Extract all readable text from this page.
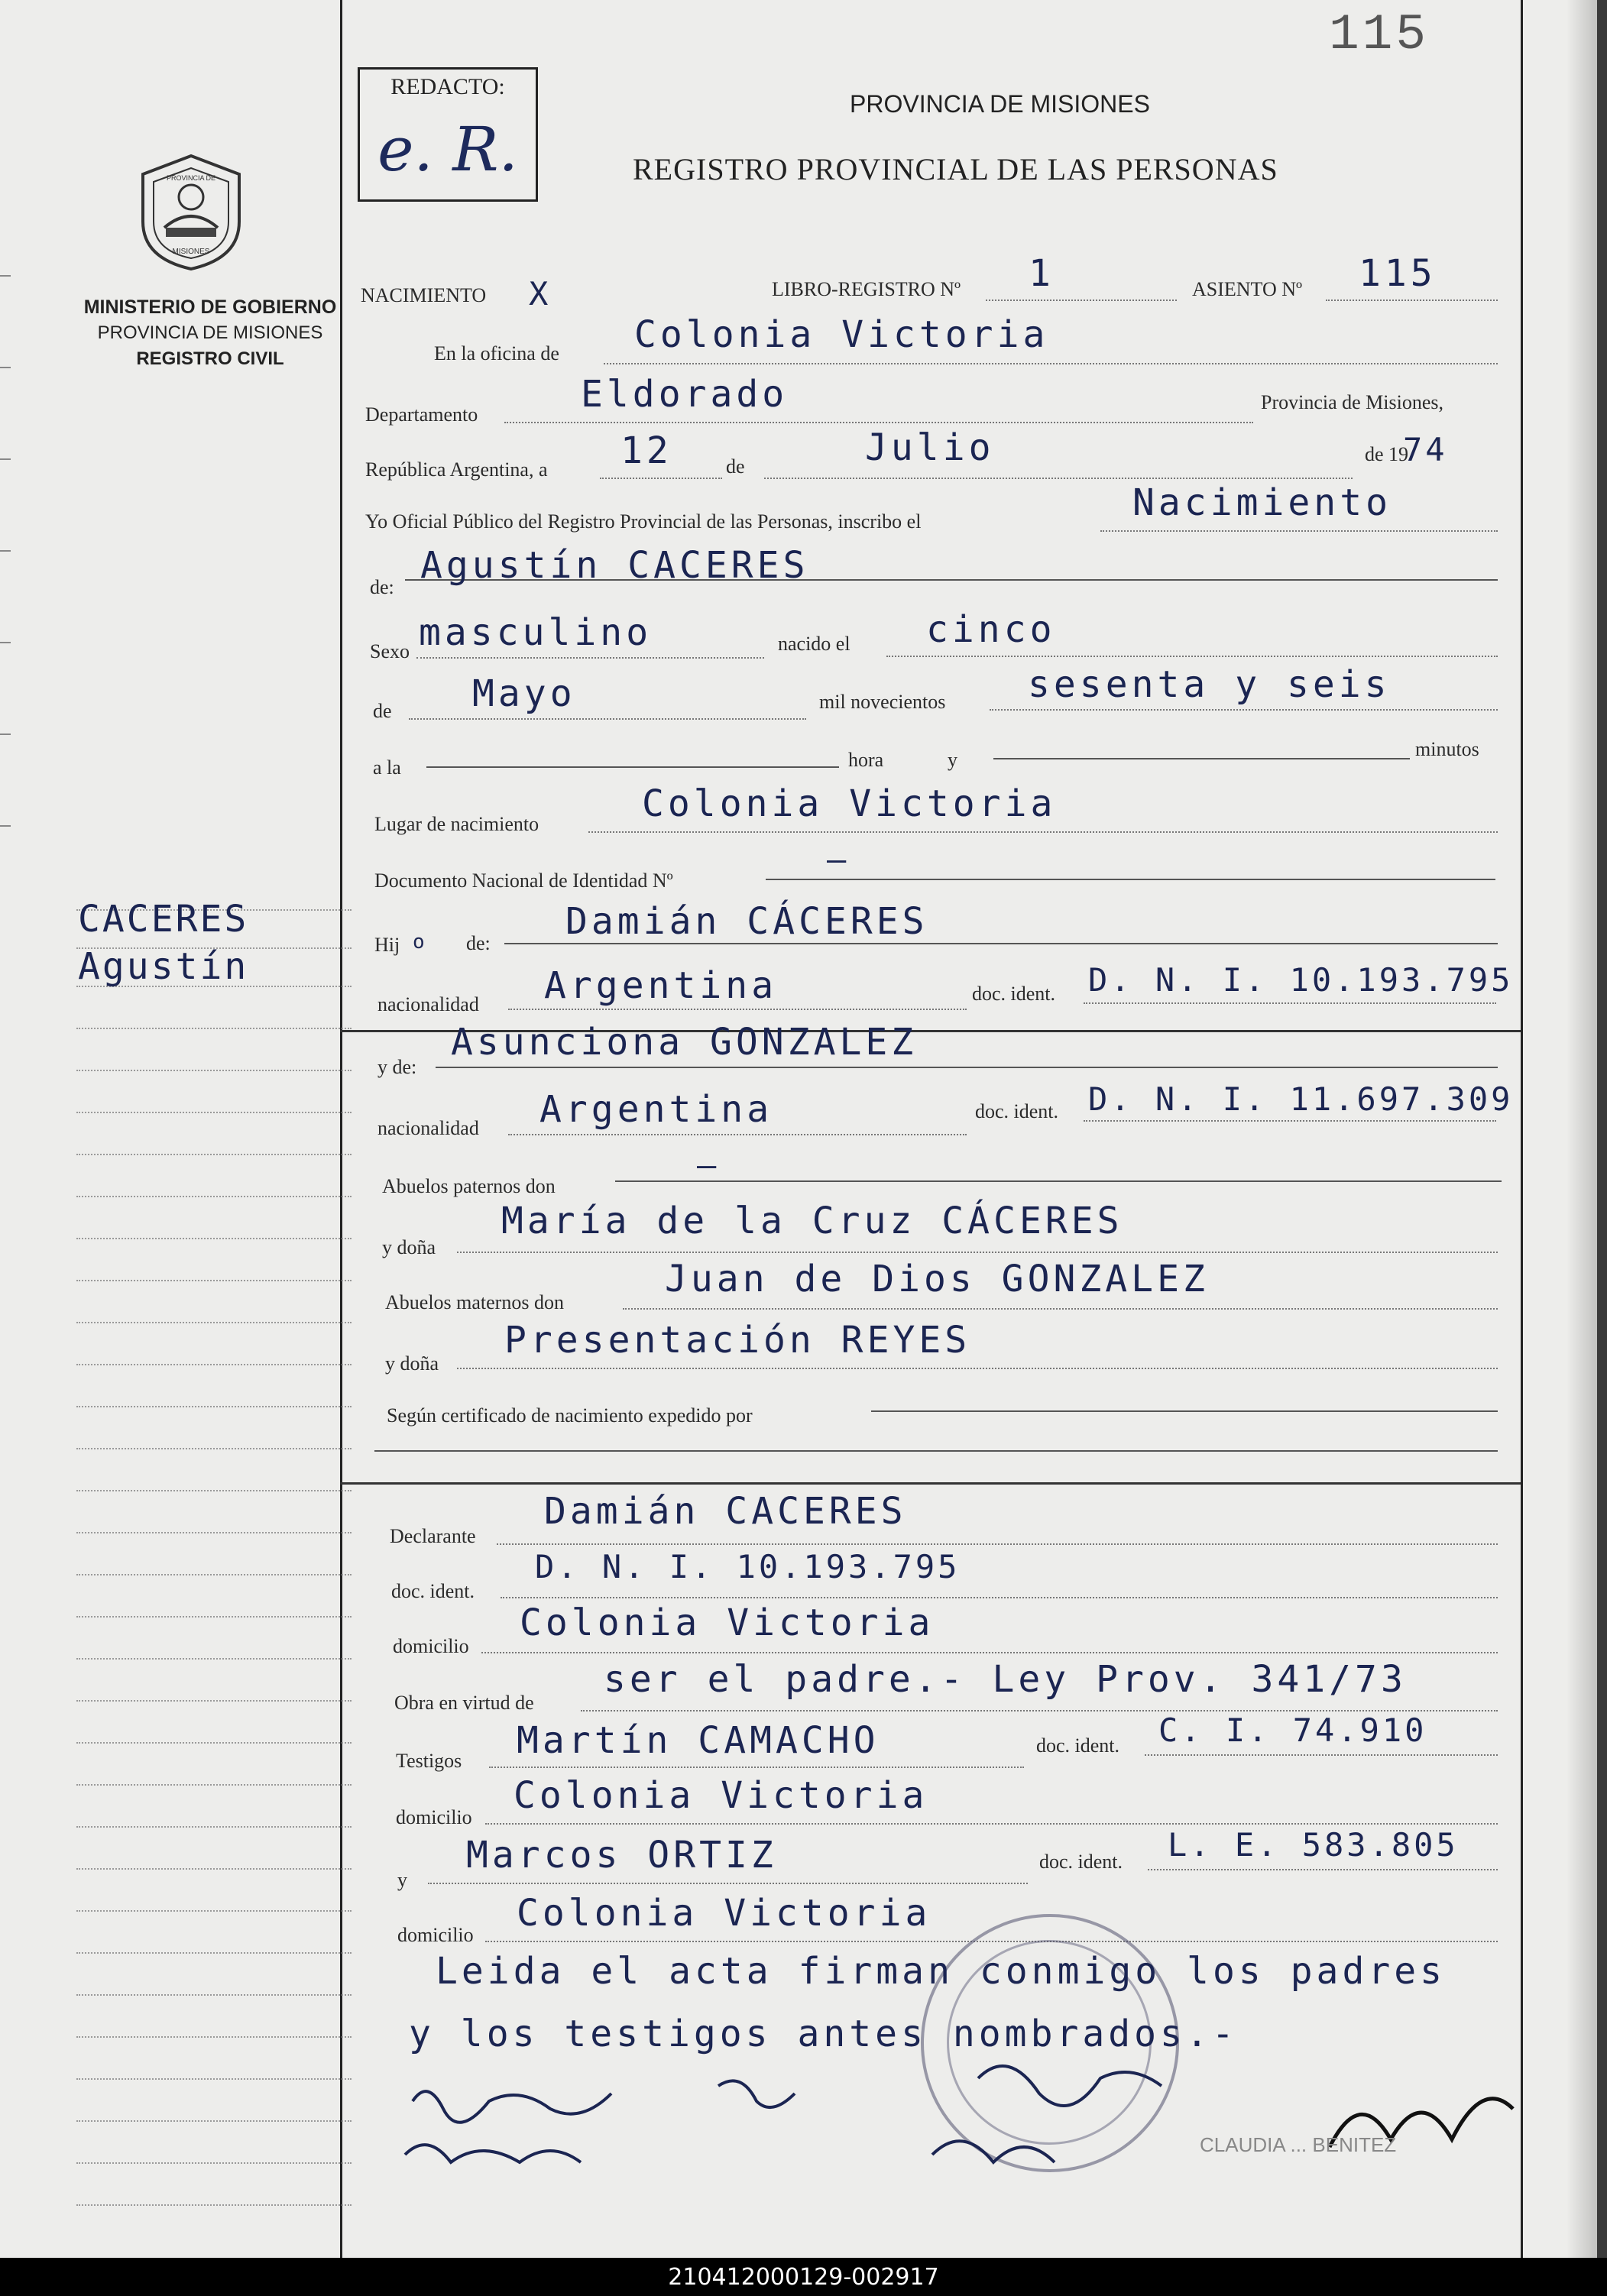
115
REDACTO:
e. R.
PROVINCIA DE MISIONES
REGISTRO PROVINCIAL DE LAS PERSONAS
PROVINCIA DE
MISIONES
MINISTERIO DE GOBIERNO
PROVINCIA DE MISIONES
REGISTRO CIVIL
CACERES
Agustín
NACIMIENTO X	LIBRO-REGISTRO Nº 1	ASIENTO Nº 115
En la oficina de Colonia Victoria
Departamento	Eldorado	Provincia de Misiones,
República Argentina, a 12	de	Julio	de 19
74
Yo Oficial Público del Registro Provincial de las Personas, inscribo el	Nacimiento
de:
Agustín CACERES
Sexo masculino	nacido el cinco
de Mayo	mil novecientos sesenta y seis
a la	hora	y	minutos
Lugar de nacimiento	Colonia Victoria
Documento Nacional de Identidad Nº
—
Hij o de:
Damián CÁCERES
nacionalidad Argentina	doc. ident. D. N. I. 10.193.795
y de:
Asunciona GONZALEZ
nacionalidad Argentina	doc. ident. D. N. I. 11.697.309
Abuelos paternos don
—
y doña
María de la Cruz CÁCERES
Abuelos maternos don
Juan de Dios GONZALEZ
y doña
Presentación REYES
Según certificado de nacimiento expedido por
Declarante
Damián CACERES
doc. ident.
D. N. I. 10.193.795
domicilio
Colonia Victoria
Obra en virtud de
ser el padre.- Ley Prov. 341/73
Testigos Martín CAMACHO	doc. ident. C. I. 74.910
domicilio
Colonia Victoria
y
Marcos ORTIZ	doc. ident. L. E. 583.805
domicilio
Colonia Victoria
Leida el acta firman conmigo los padres
y los testigos antes nombrados.-
CLAUDIA ... BENITEZ
210412000129-002917
